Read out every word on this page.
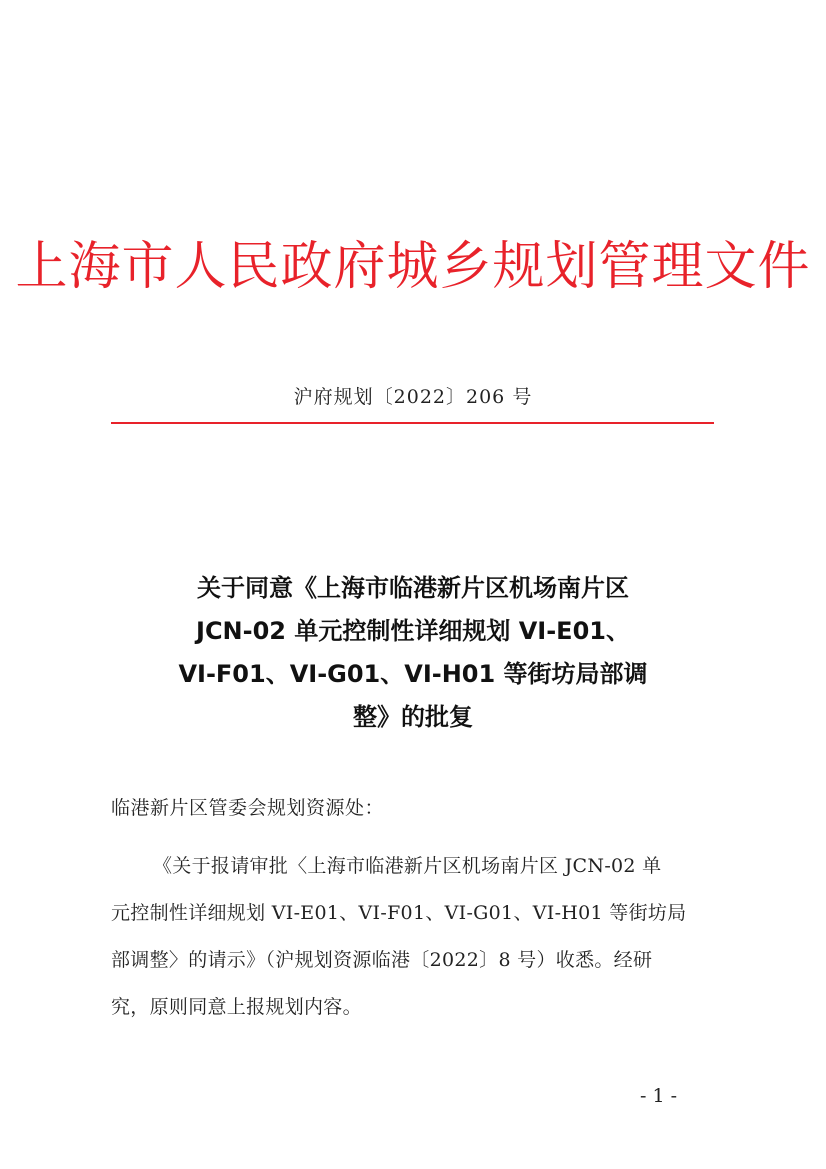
上海市人民政府城乡规划管理文件
沪府规划〔2022〕206 号
关于同意《上海市临港新片区机场南片区
JCN-02 单元控制性详细规划 VI-E01、
VI-F01、VI-G01、VI-H01 等街坊局部调
整》的批复
临港新片区管委会规划资源处：
《关于报请审批〈上海市临港新片区机场南片区 JCN-02 单
元控制性详细规划 VI-E01、VI-F01、VI-G01、VI-H01 等街坊局
部调整〉的请示》（沪规划资源临港〔2022〕8 号）收悉。经研
究，原则同意上报规划内容。
- 1 -
